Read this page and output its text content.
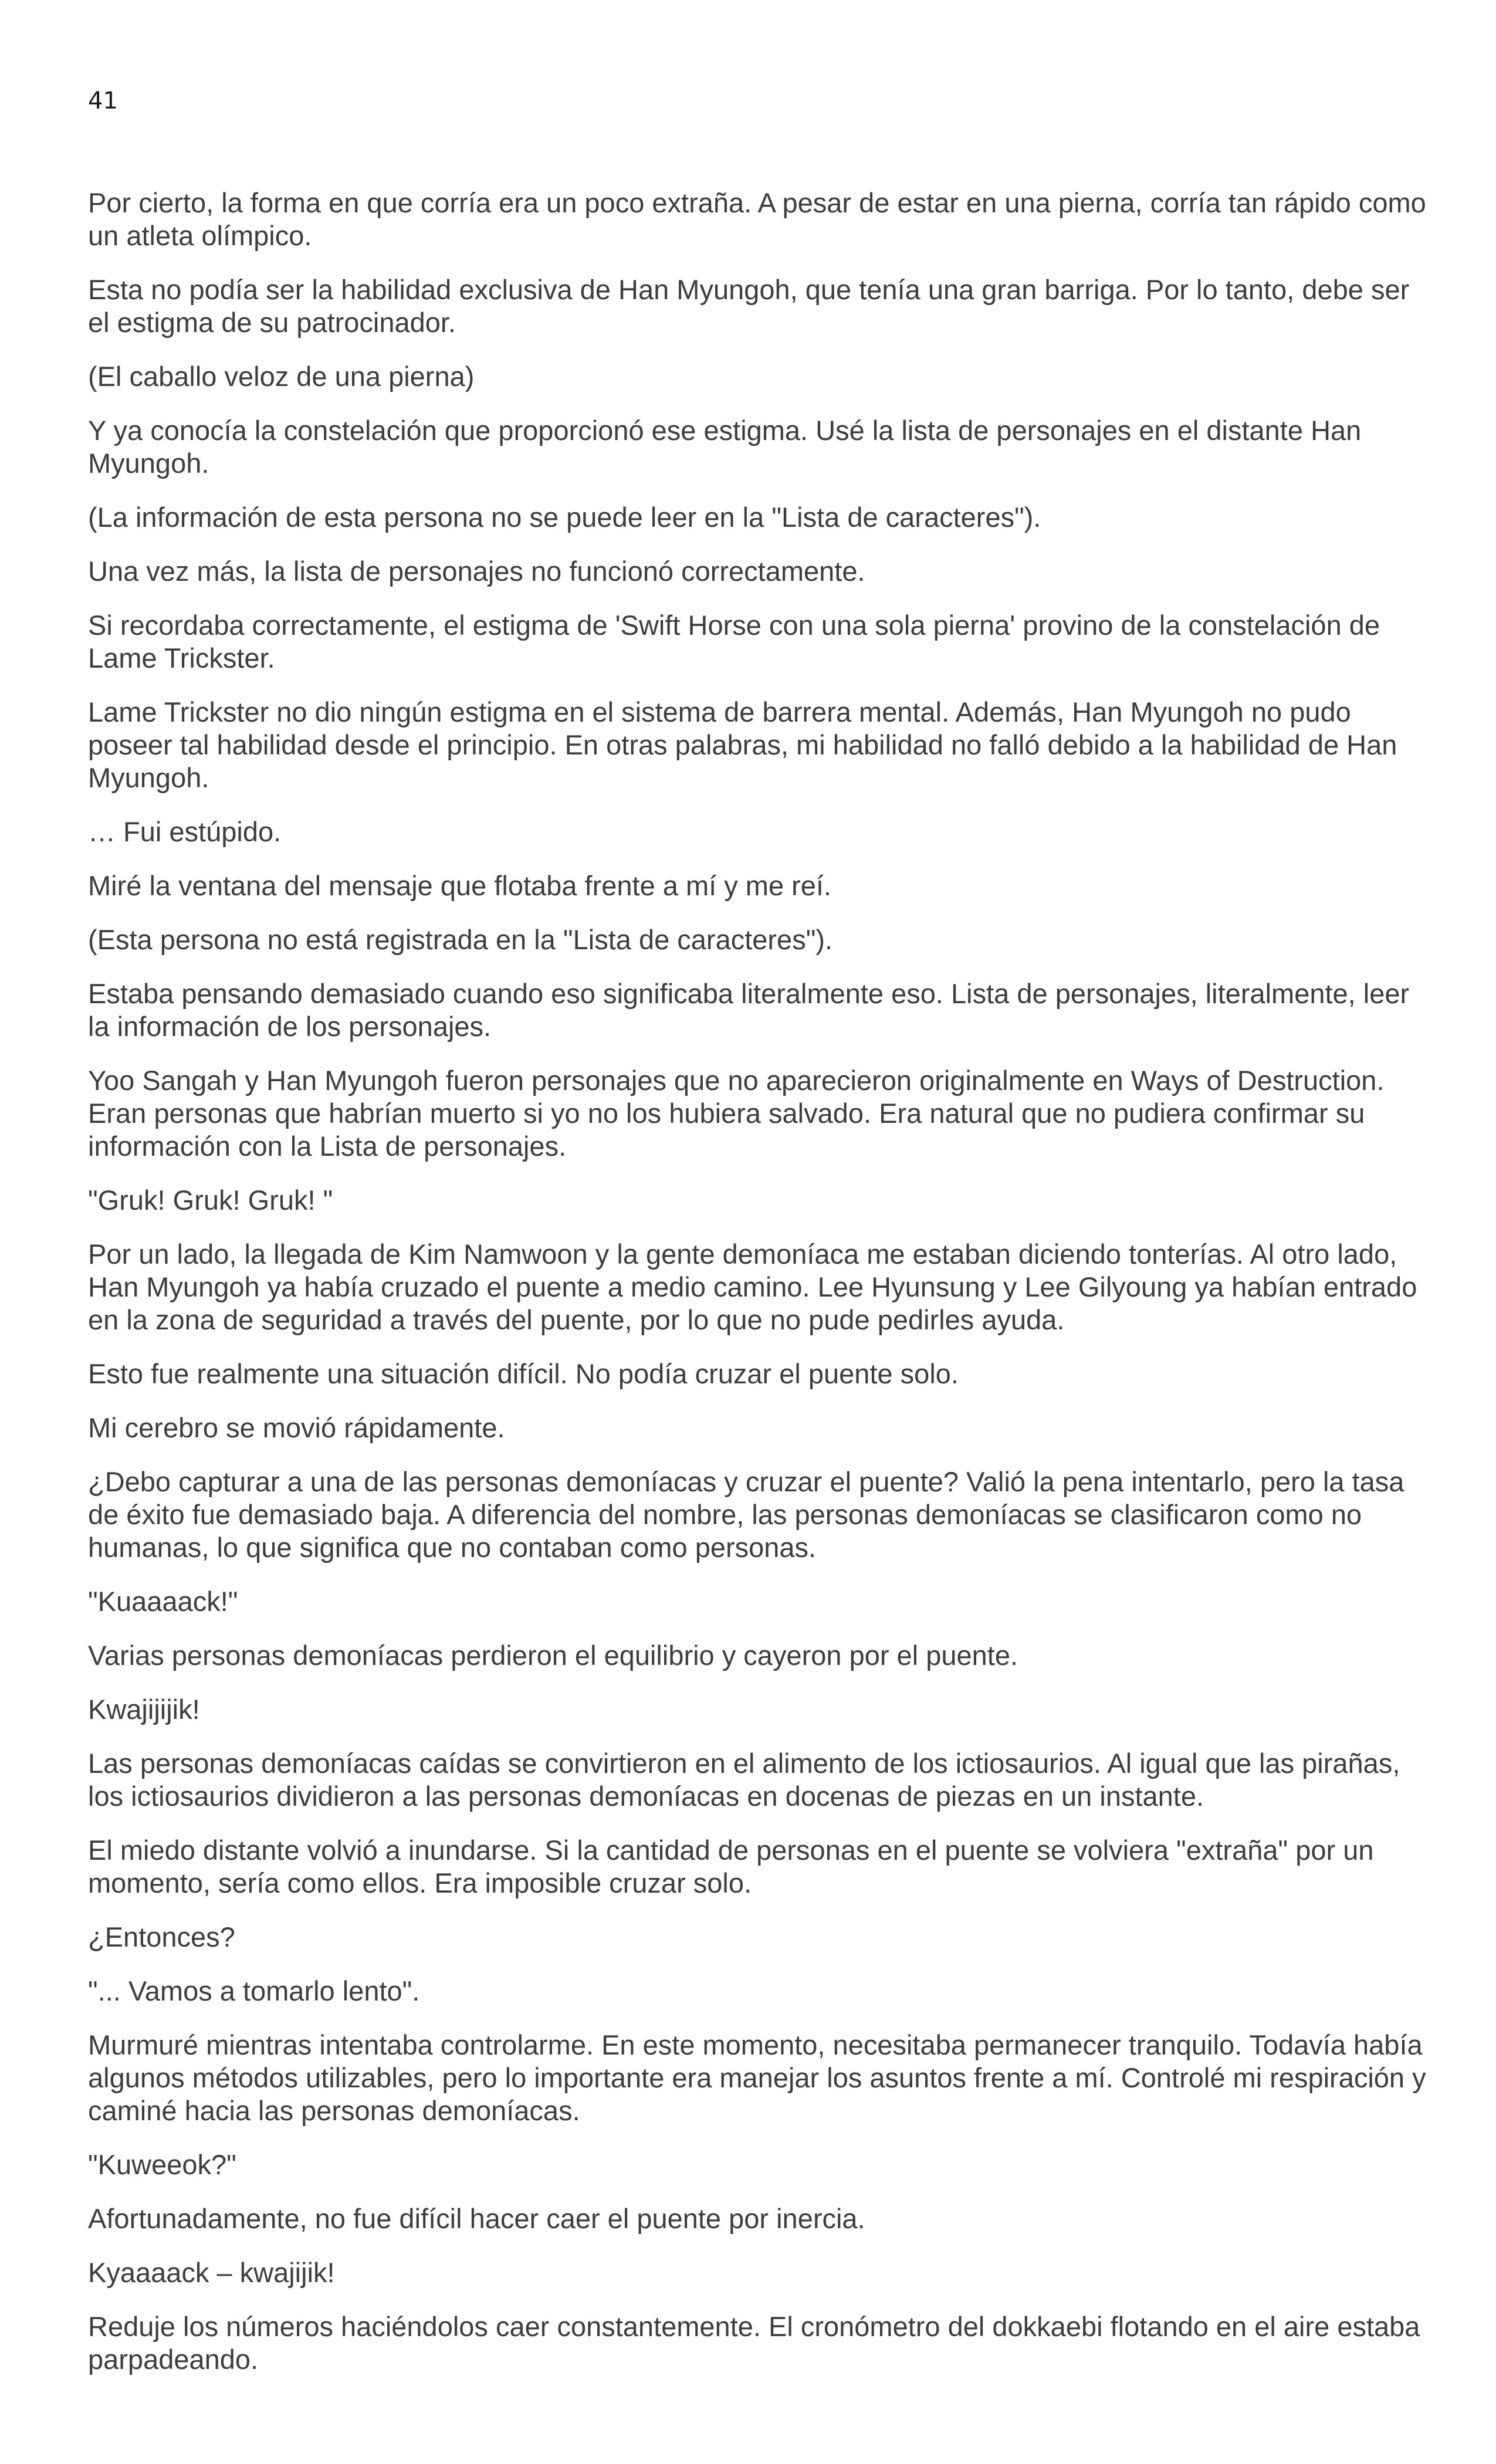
41

Por cierto, la forma en que corría era un poco extraña. A pesar de estar en una pierna, corría tan rápido como un atleta olímpico.

Esta no podía ser la habilidad exclusiva de Han Myungoh, que tenía una gran barriga. Por lo tanto, debe ser el estigma de su patrocinador.

(El caballo veloz de una pierna)

Y ya conocía la constelación que proporcionó ese estigma. Usé la lista de personajes en el distante Han Myungoh.

(La información de esta persona no se puede leer en la "Lista de caracteres").

Una vez más, la lista de personajes no funcionó correctamente.

Si recordaba correctamente, el estigma de 'Swift Horse con una sola pierna' provino de la constelación de Lame Trickster.

Lame Trickster no dio ningún estigma en el sistema de barrera mental. Además, Han Myungoh no pudo poseer tal habilidad desde el principio. En otras palabras, mi habilidad no falló debido a la habilidad de Han Myungoh.

… Fui estúpido.

Miré la ventana del mensaje que flotaba frente a mí y me reí.

(Esta persona no está registrada en la "Lista de caracteres").

Estaba pensando demasiado cuando eso significaba literalmente eso. Lista de personajes, literalmente, leer la información de los personajes.

Yoo Sangah y Han Myungoh fueron personajes que no aparecieron originalmente en Ways of Destruction. Eran personas que habrían muerto si yo no los hubiera salvado. Era natural que no pudiera confirmar su información con la Lista de personajes.

"Gruk! Gruk! Gruk! "

Por un lado, la llegada de Kim Namwoon y la gente demoníaca me estaban diciendo tonterías. Al otro lado, Han Myungoh ya había cruzado el puente a medio camino. Lee Hyunsung y Lee Gilyoung ya habían entrado en la zona de seguridad a través del puente, por lo que no pude pedirles ayuda.

Esto fue realmente una situación difícil. No podía cruzar el puente solo.

Mi cerebro se movió rápidamente.

¿Debo capturar a una de las personas demoníacas y cruzar el puente? Valió la pena intentarlo, pero la tasa de éxito fue demasiado baja. A diferencia del nombre, las personas demoníacas se clasificaron como no humanas, lo que significa que no contaban como personas.

"Kuaaaack!"

Varias personas demoníacas perdieron el equilibrio y cayeron por el puente.

Kwajijijik!

Las personas demoníacas caídas se convirtieron en el alimento de los ictiosaurios. Al igual que las pirañas, los ictiosaurios dividieron a las personas demoníacas en docenas de piezas en un instante.

El miedo distante volvió a inundarse. Si la cantidad de personas en el puente se volviera "extraña" por un momento, sería como ellos. Era imposible cruzar solo.

¿Entonces?

"... Vamos a tomarlo lento".

Murmuré mientras intentaba controlarme. En este momento, necesitaba permanecer tranquilo. Todavía había algunos métodos utilizables, pero lo importante era manejar los asuntos frente a mí. Controlé mi respiración y caminé hacia las personas demoníacas.

"Kuweeok?"

Afortunadamente, no fue difícil hacer caer el puente por inercia.

Kyaaaack – kwajijik!

Reduje los números haciéndolos caer constantemente. El cronómetro del dokkaebi flotando en el aire estaba parpadeando.
